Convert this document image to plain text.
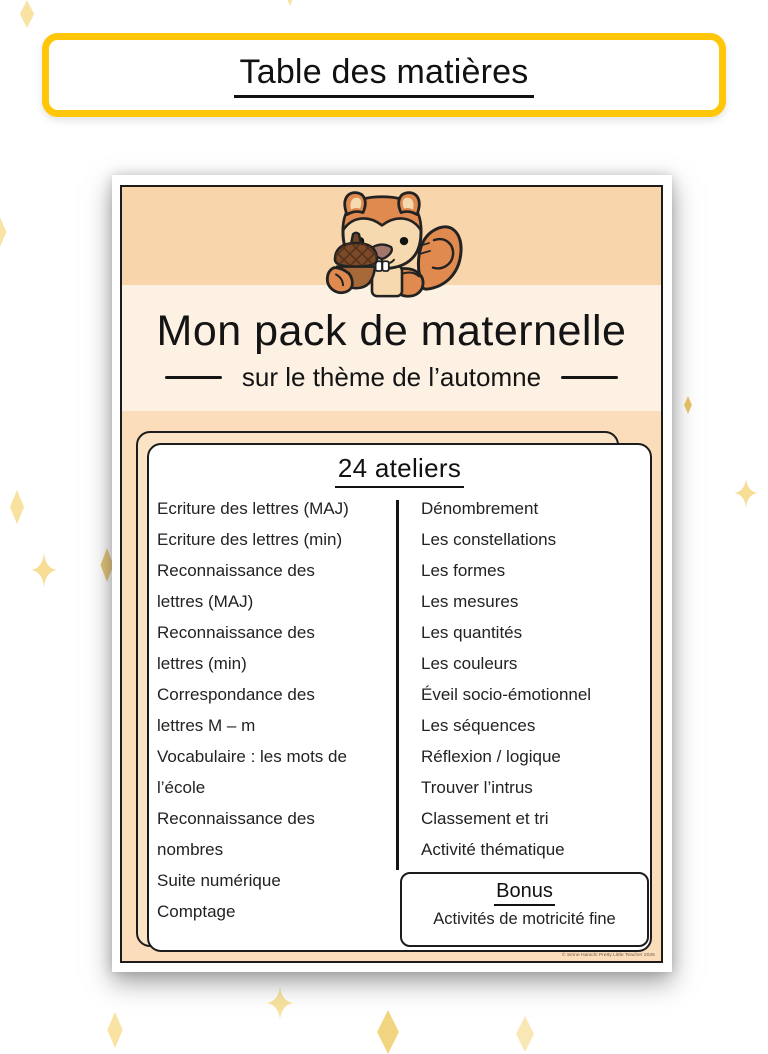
Table des matières
Mon pack de maternelle
sur le thème de l’automne
24 ateliers
Ecriture des lettres (MAJ)
Ecriture des lettres (min)
Reconnaissance des
lettres (MAJ)
Reconnaissance des
lettres (min)
Correspondance des
lettres M – m
Vocabulaire : les mots de
l’école
Reconnaissance des
nombres
Suite numérique
Comptage
Dénombrement
Les constellations
Les formes
Les mesures
Les quantités
Les couleurs
Éveil socio-émotionnel
Les séquences
Réflexion / logique
Trouver l’intrus
Classement et tri
Activité thématique
Bonus
Activités de motricité fine
© Sirine Hanichi Pretty Little Teacher 2025
